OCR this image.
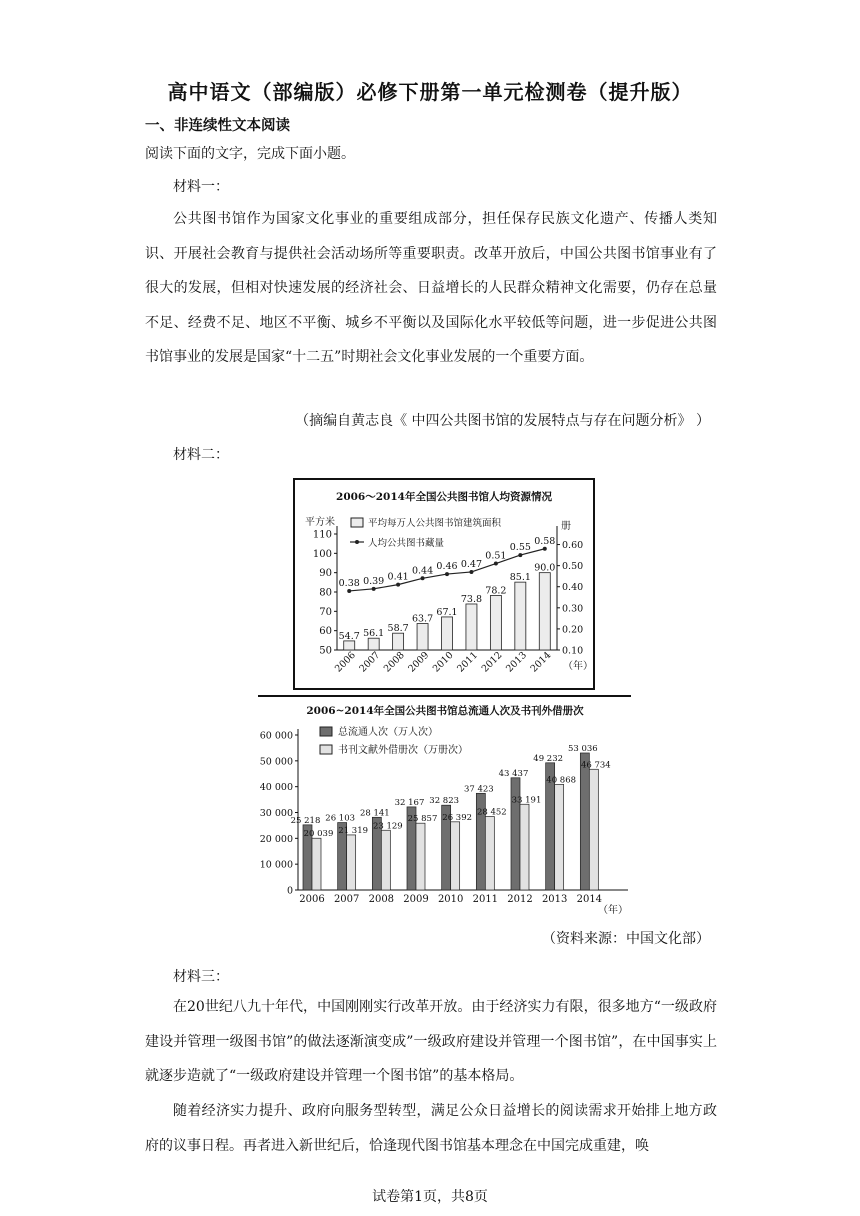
高中语文（部编版）必修下册第一单元检测卷（提升版）
一、非连续性文本阅读
阅读下面的文字，完成下面小题。
材料一：

公共图书馆作为国家文化事业的重要组成部分，担任保存民族文化遗产、传播人类知识、开展社会教育与提供社会活动场所等重要职责。改革开放后，中国公共图书馆事业有了很大的发展，但相对快速发展的经济社会、日益增长的人民群众精神文化需要，仍存在总量不足、经费不足、地区不平衡、城乡不平衡以及国际化水平较低等问题，进一步促进公共图书馆事业的发展是国家“十二五”时期社会文化事业发展的一个重要方面。

（摘编自黄志良《 中四公共图书馆的发展特点与存在问题分析》 ）
材料二：
2006～2014年全国公共图书馆人均资源情况
平方米	册
平均每万人公共图书馆建筑面积
人均公共图书藏量
50
60
70
80
90
100
110
0.10
0.20
0.30
0.40
0.50
0.60
54.7
0.38
2006
56.1
0.39
2007
58.7
0.41
2008
63.7
0.44
2009
67.1
0.46
2010
73.8
0.47
2011
78.2
0.51
2012
85.1
0.55
2013
90.0
0.58
2014 （年）
2006~2014年全国公共图书馆总流通人次及书刊外借册次
总流通人次（万人次）
书刊文献外借册次（万册次）
0
10 000
20 000
30 000
40 000
50 000
60 000
25 218
20 039
2006
26 103
21 319
2007
28 141
23 129
2008
32 167
25 857
2009
32 823
26 392
2010
37 423
28 452
2011
43 437
33 191
2012
49 232
40 868
2013
53 036
46 734
2014
（年）
（资料来源：中国文化部）
材料三：

在20世纪八九十年代，中国刚刚实行改革开放。由于经济实力有限，很多地方“一级政府建设并管理一级图书馆”的做法逐渐演变成”一级政府建设并管理一个图书馆”，在中国事实上就逐步造就了“一级政府建设并管理一个图书馆”的基本格局。

随着经济实力提升、政府向服务型转型，满足公众日益增长的阅读需求开始排上地方政府的议事日程。再者进入新世纪后，恰逢现代图书馆基本理念在中国完成重建，唤

试卷第1页，共8页
